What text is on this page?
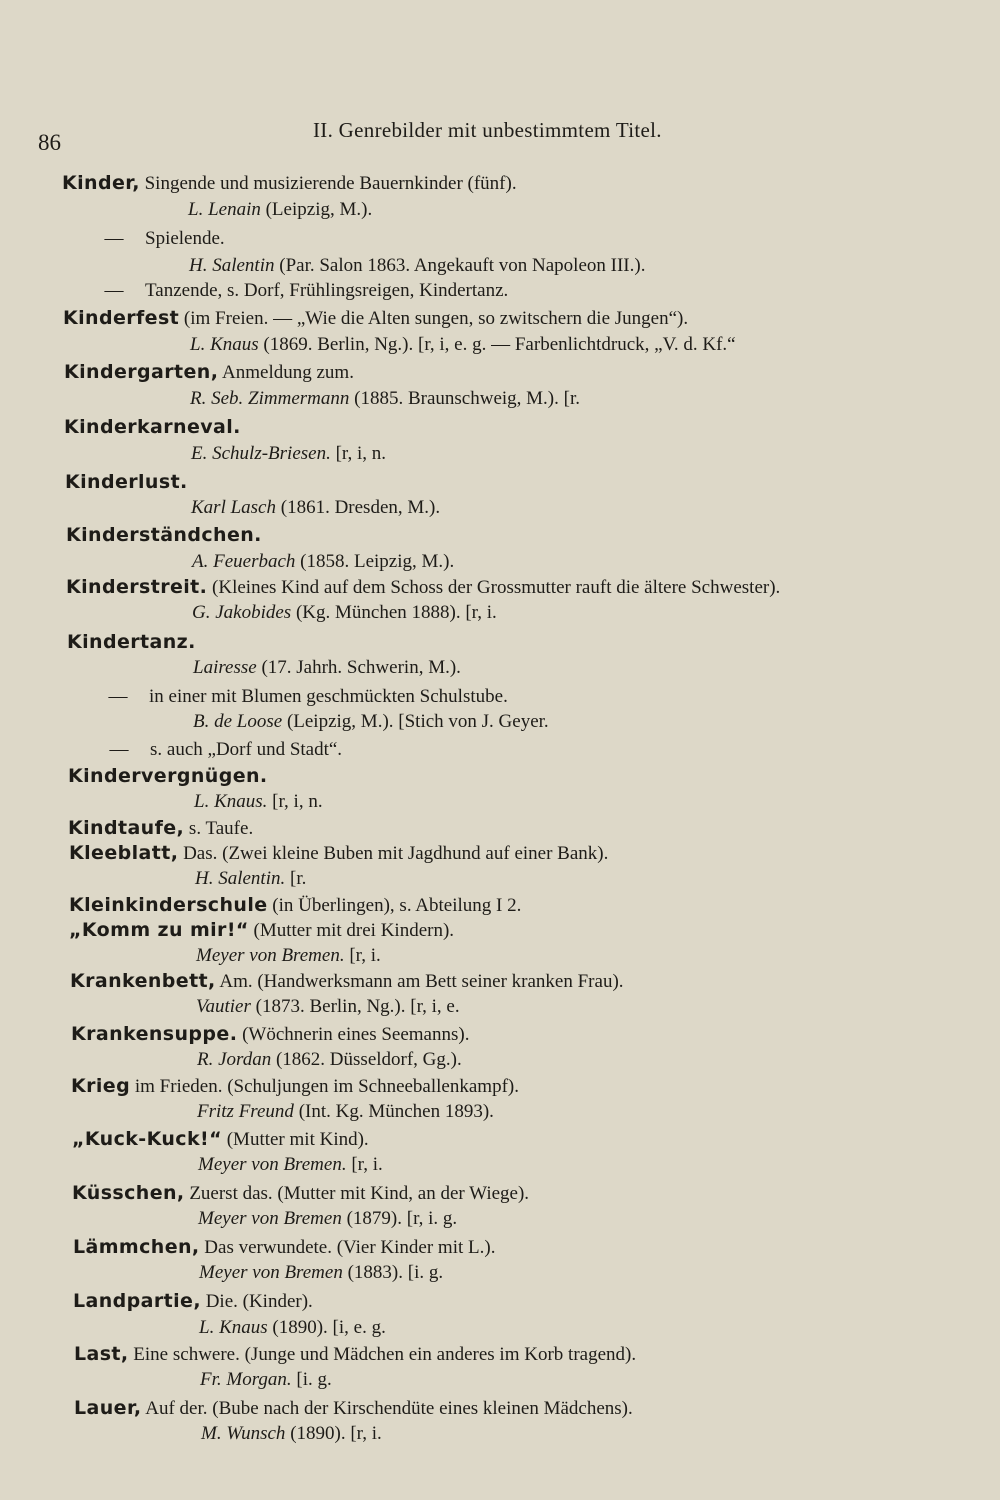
86	II. Genrebilder mit unbestimmtem Titel.
Kinder, Singende und musizierende Bauernkinder (fünf).
L. Lenain (Leipzig, M.).
— Spielende.
H. Salentin (Par. Salon 1863. Angekauft von Napoleon III.).
— Tanzende, s. Dorf, Frühlingsreigen, Kindertanz.
Kinderfest (im Freien. — „Wie die Alten sungen, so zwitschern die Jungen“).
L. Knaus (1869. Berlin, Ng.). [r, i, e. g. — Farbenlichtdruck, „V. d. Kf.“
Kindergarten, Anmeldung zum.
R. Seb. Zimmermann (1885. Braunschweig, M.). [r.
Kinderkarneval.
E. Schulz-Briesen. [r, i, n.
Kinderlust.
Karl Lasch (1861. Dresden, M.).
Kinderständchen.
A. Feuerbach (1858. Leipzig, M.).
Kinderstreit. (Kleines Kind auf dem Schoss der Grossmutter rauft die ältere Schwester).
G. Jakobides (Kg. München 1888). [r, i.
Kindertanz.
Lairesse (17. Jahrh. Schwerin, M.).
— in einer mit Blumen geschmückten Schulstube.
B. de Loose (Leipzig, M.). [Stich von J. Geyer.
— s. auch „Dorf und Stadt“.
Kindervergnügen.
L. Knaus. [r, i, n.
Kindtaufe, s. Taufe.
Kleeblatt, Das. (Zwei kleine Buben mit Jagdhund auf einer Bank).
H. Salentin. [r.
Kleinkinderschule (in Überlingen), s. Abteilung I 2.
„Komm zu mir!“ (Mutter mit drei Kindern).
Meyer von Bremen. [r, i.
Krankenbett, Am. (Handwerksmann am Bett seiner kranken Frau).
Vautier (1873. Berlin, Ng.). [r, i, e.
Krankensuppe. (Wöchnerin eines Seemanns).
R. Jordan (1862. Düsseldorf, Gg.).
Krieg im Frieden. (Schuljungen im Schneeballenkampf).
Fritz Freund (Int. Kg. München 1893).
„Kuck-Kuck!“ (Mutter mit Kind).
Meyer von Bremen. [r, i.
Küsschen, Zuerst das. (Mutter mit Kind, an der Wiege).
Meyer von Bremen (1879). [r, i. g.
Lämmchen, Das verwundete. (Vier Kinder mit L.).
Meyer von Bremen (1883). [i. g.
Landpartie, Die. (Kinder).
L. Knaus (1890). [i, e. g.
Last, Eine schwere. (Junge und Mädchen ein anderes im Korb tragend).
Fr. Morgan. [i. g.
Lauer, Auf der. (Bube nach der Kirschendüte eines kleinen Mädchens).
M. Wunsch (1890). [r, i.
